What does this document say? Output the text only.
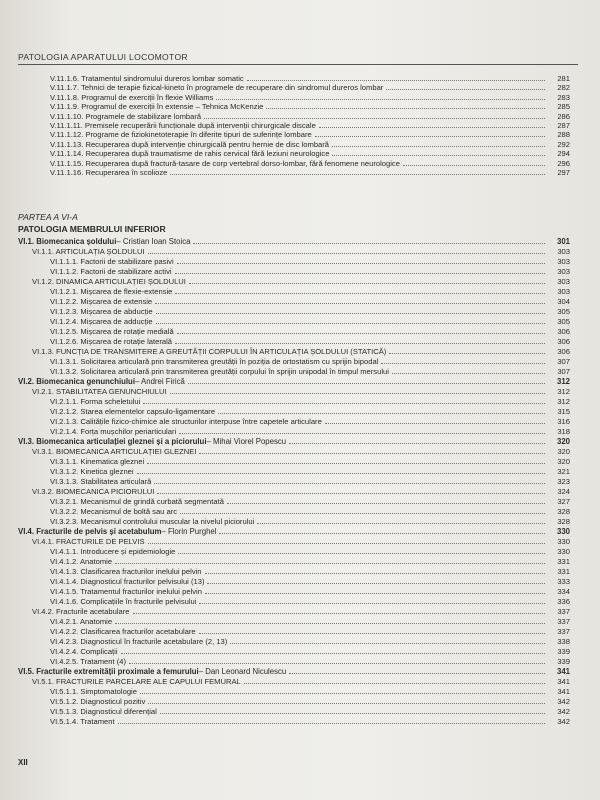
PATOLOGIA APARATULUI LOCOMOTOR
V.11.1.6. Tratamentul sindromului dureros lombar somatic	281
V.11.1.7. Tehnici de terapie fizical-kineto în programele de recuperare din sindromul dureros lombar	282
V.11.1.8. Programul de exerciții în flexie Williams	283
V.11.1.9. Programul de exerciții în extensie – Tehnica McKenzie	285
V.11.1.10. Programele de stabilizare lombară	286
V.11.1.11. Premisele recuperării funcționale după intervenții chirurgicale discale	287
V.11.1.12. Programe de fiziokinetoterapie în diferite tipuri de suferințe lombare	288
V.11.1.13. Recuperarea după intervenție chirurgicală pentru hernie de disc lombară	292
V.11.1.14. Recuperarea după traumatisme de rahis cervical fără leziuni neurologice	294
V.11.1.15. Recuperarea după fractură-tasare de corp vertebral dorso-lombar, fără fenomene neurologice	296
V.11.1.16. Recuperarea în scolioze	297
PARTEA A VI-A
PATOLOGIA MEMBRULUI INFERIOR
VI.1. Biomecanica șoldului – Cristian Ioan Stoica	301
VI.1.1. ARTICULAȚIA ȘOLDULUI	303
VI.1.1.1. Factorii de stabilizare pasivi	303
VI.1.1.2. Factorii de stabilizare activi	303
VI.1.2. DINAMICA ARTICULAȚIEI ȘOLDULUI	303
VI.1.2.1. Mișcarea de flexie-extensie	303
VI.1.2.2. Mișcarea de extensie	304
VI.1.2.3. Mișcarea de abducție	305
VI.1.2.4. Mișcarea de adducție	305
VI.1.2.5. Mișcarea de rotație medială	306
VI.1.2.6. Mișcarea de rotație laterală	306
VI.1.3. FUNCȚIA DE TRANSMITERE A GREUTĂȚII CORPULUI ÎN ARTICULAȚIA ȘOLDULUI (STATICĂ)	306
VI.1.3.1. Solicitarea articulară prin transmiterea greutății în poziția de ortostatism cu sprijin bipodal	307
VI.1.3.2. Solicitarea articulară prin transmiterea greutății corpului în sprijin unipodal în timpul mersului	307
VI.2. Biomecanica genunchiului – Andrei Firică	312
VI.2.1. STABILITATEA GENUNCHIULUI	312
VI.2.1.1. Forma scheletului	312
VI.2.1.2. Starea elementelor capsulo-ligamentare	315
VI.2.1.3. Calitățile fizico-chimice ale structurilor interpuse între capetele articulare	316
VI.2.1.4. Forța mușchilor periarticulari	318
VI.3. Biomecanica articulației gleznei și a piciorului – Mihai Viorel Popescu	320
VI.3.1. BIOMECANICA ARTICULAȚIEI GLEZNEI	320
VI.3.1.1. Kinematica gleznei	320
VI.3.1.2. Kinetica gleznei	321
VI.3.1.3. Stabilitatea articulară	323
VI.3.2. BIOMECANICA PICIORULUI	324
VI.3.2.1. Mecanismul de grindă curbată segmentată	327
VI.3.2.2. Mecanismul de boltă sau arc	328
VI.3.2.3. Mecanismul controlului muscular la nivelul piciorului	328
VI.4. Fracturile de pelvis și acetabulum – Florin Purghel	330
VI.4.1. FRACTURILE DE PELVIS	330
VI.4.1.1. Introducere și epidemiologie	330
VI.4.1.2. Anatomie	331
VI.4.1.3. Clasificarea fracturilor inelului pelvin	331
VI.4.1.4. Diagnosticul fracturilor pelvisului (13)	333
VI.4.1.5. Tratamentul fracturilor inelului pelvin	334
VI.4.1.6. Complicațiile în fracturile pelvisului	336
VI.4.2. Fracturile acetabulare	337
VI.4.2.1. Anatomie	337
VI.4.2.2. Clasificarea fracturilor acetabulare	337
VI.4.2.3. Diagnosticul în fracturile acetabulare (2, 13)	338
VI.4.2.4. Complicații	339
VI.4.2.5. Tratament (4)	339
VI.5. Fracturile extremității proximale a femurului – Dan Leonard Niculescu	341
VI.5.1. FRACTURILE PARCELARE ALE CAPULUI FEMURAL	341
VI.5.1.1. Simptomatologie	341
VI.5.1.2. Diagnosticul pozitiv	342
VI.5.1.3. Diagnosticul diferențial	342
VI.5.1.4. Tratament	342
XII
